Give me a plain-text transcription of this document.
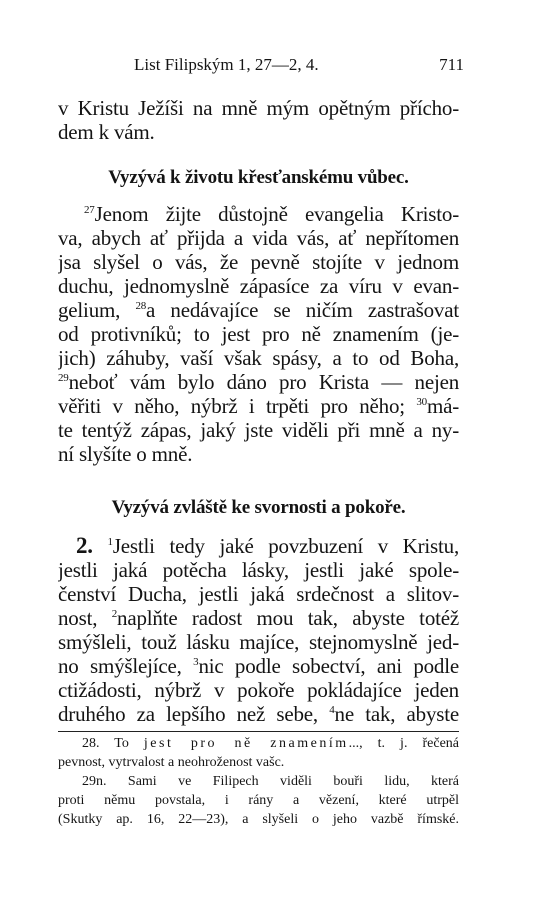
List Filipským 1, 27—2, 4.	711
v Kristu Ježíši na mně mým opětným přícho-
dem k vám.
Vyzývá k životu křesťanskému vůbec.
$^{27}$Jenom žijte důstojně evangelia Kristo-
va, abych ať přijda a vida vás, ať nepřítomen
jsa slyšel o vás, že pevně stojíte v jednom
duchu, jednomyslně zápasíce za víru v evan-
gelium, $^{28}$a nedávajíce se ničím zastrašovat
od protivníků; to jest pro ně znamením (je-
jich) záhuby, vaší však spásy, a to od Boha,
$^{29}$neboť vám bylo dáno pro Krista — nejen
věřiti v něho, nýbrž i trpěti pro něho; $^{30}$má-
te tentýž zápas, jaký jste viděli při mně a ny-
ní slyšíte o mně.
Vyzývá zvláště ke svornosti a pokoře.
2. $^1$Jestli tedy jaké povzbuzení v Kristu,
jestli jaká potěcha lásky, jestli jaké spole-
čenství Ducha, jestli jaká srdečnost a slitov-
nost, $^2$naplňte radost mou tak, abyste totéž
smýšleli, touž lásku majíce, stejnomyslně jed-
no smýšlejíce, $^3$nic podle sobectví, ani podle
ctižádosti, nýbrž v pokoře pokládajíce jeden
druhého za lepšího než sebe, $^4$ne tak, abyste
28. To jest pro ně znamením..., t. j. řečená
pevnost, vytrvalost a neohroženost vašc.
29n. Sami ve Filipech viděli bouři lidu, která
proti němu povstala, i rány a vězení, které utrpěl
(Skutky ap. 16, 22—23), a slyšeli o jeho vazbě římské.
